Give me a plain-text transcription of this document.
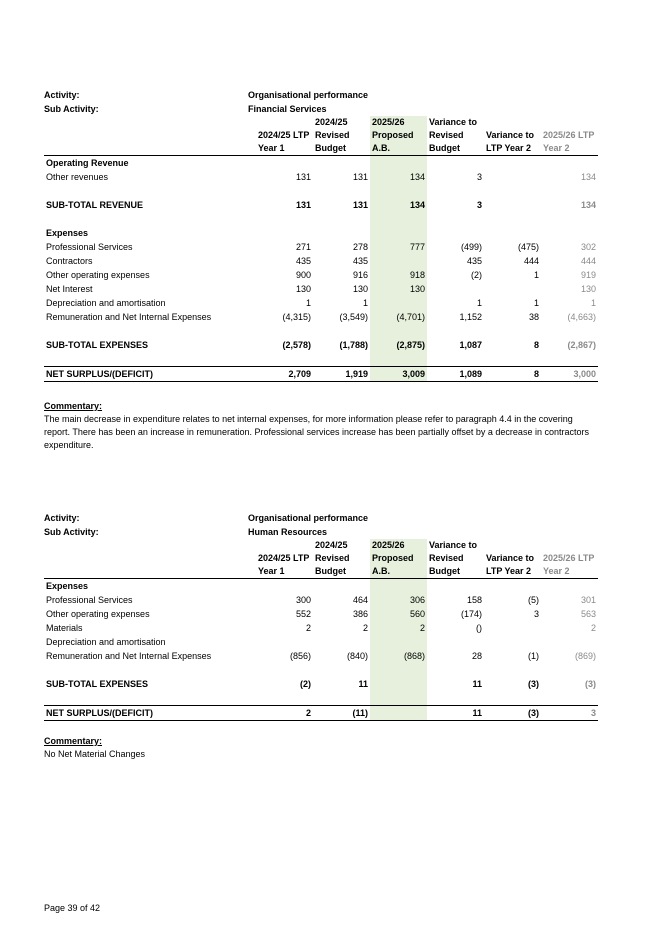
Activity:	Organisational performance
Sub Activity:	Financial Services
		2024/25	2025/26	Variance to		
	2024/25 LTP	Revised	Proposed	Revised	Variance to	2025/26 LTP
	Year 1	Budget	A.B.	Budget	LTP Year 2	Year 2
Operating Revenue						
Other revenues	131	131	134	3		134

SUB-TOTAL REVENUE	131	131	134	3		134

Expenses						
Professional Services	271	278	777	(499)	(475)	302
Contractors	435	435		435	444	444
Other operating expenses	900	916	918	(2)	1	919
Net Interest	130	130	130			130
Depreciation and amortisation	1	1		1	1	1
Remuneration and Net Internal Expenses	(4,315)	(3,549)	(4,701)	1,152	38	(4,663)

SUB-TOTAL EXPENSES	(2,578)	(1,788)	(2,875)	1,087	8	(2,867)

NET SURPLUS/(DEFICIT)	2,709	1,919	3,009	1,089	8	3,000
Commentary:
The main decrease in expenditure relates to net internal expenses, for more information please refer to paragraph 4.4 in the covering report. There has been an increase in remuneration. Professional services increase has been partially offset by a decrease in contractors expenditure.
Activity:	Organisational performance
Sub Activity:	Human Resources
		2024/25	2025/26	Variance to		
	2024/25 LTP	Revised	Proposed	Revised	Variance to	2025/26 LTP
	Year 1	Budget	A.B.	Budget	LTP Year 2	Year 2
Expenses						
Professional Services	300	464	306	158	(5)	301
Other operating expenses	552	386	560	(174)	3	563
Materials	2	2	2	()		2
Depreciation and amortisation						
Remuneration and Net Internal Expenses	(856)	(840)	(868)	28	(1)	(869)

SUB-TOTAL EXPENSES	(2)	11		11	(3)	(3)

NET SURPLUS/(DEFICIT)	2	(11)		11	(3)	3
Commentary:
No Net Material Changes
Page 39 of 42
